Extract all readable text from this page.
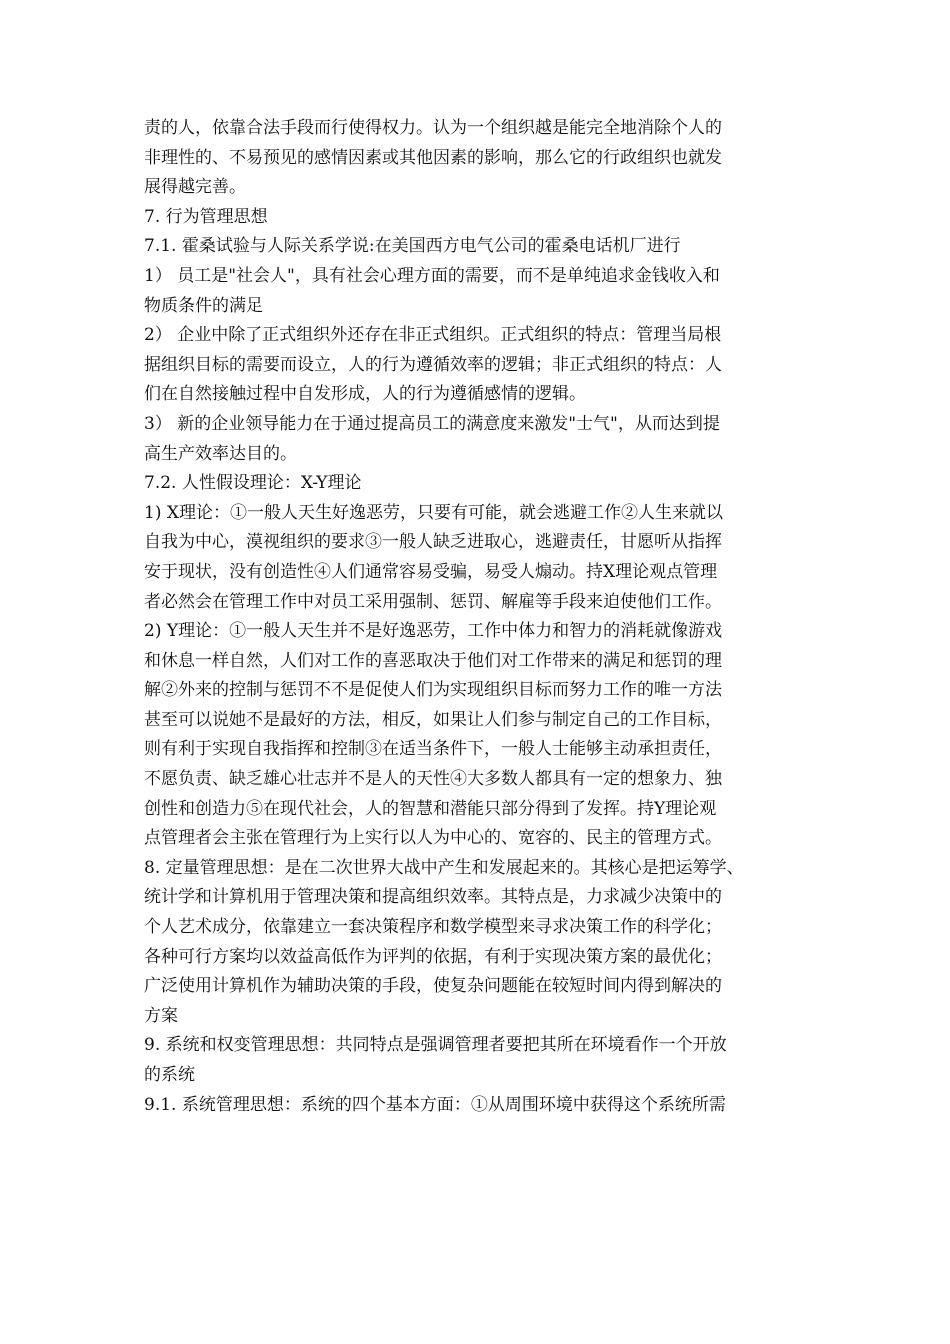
责的人，依靠合法手段而行使得权力。认为一个组织越是能完全地消除个人的
非理性的、不易预见的感情因素或其他因素的影响，那么它的行政组织也就发
展得越完善。
7. 行为管理思想
7.1. 霍桑试验与人际关系学说:在美国西方电气公司的霍桑电话机厂进行
1） 员工是"社会人"，具有社会心理方面的需要，而不是单纯追求金钱收入和
物质条件的满足
2） 企业中除了正式组织外还存在非正式组织。正式组织的特点：管理当局根
据组织目标的需要而设立，人的行为遵循效率的逻辑；非正式组织的特点：人
们在自然接触过程中自发形成，人的行为遵循感情的逻辑。
3） 新的企业领导能力在于通过提高员工的满意度来激发"士气"，从而达到提
高生产效率达目的。
7.2. 人性假设理论：X-Y理论
1) X理论：①一般人天生好逸恶劳，只要有可能，就会逃避工作②人生来就以
自我为中心，漠视组织的要求③一般人缺乏进取心，逃避责任，甘愿听从指挥
安于现状，没有创造性④人们通常容易受骗，易受人煽动。持X理论观点管理
者必然会在管理工作中对员工采用强制、惩罚、解雇等手段来迫使他们工作。
2) Y理论：①一般人天生并不是好逸恶劳，工作中体力和智力的消耗就像游戏
和休息一样自然，人们对工作的喜恶取决于他们对工作带来的满足和惩罚的理
解②外来的控制与惩罚不不是促使人们为实现组织目标而努力工作的唯一方法
甚至可以说她不是最好的方法，相反，如果让人们参与制定自己的工作目标，
则有利于实现自我指挥和控制③在适当条件下，一般人士能够主动承担责任，
不愿负责、缺乏雄心壮志并不是人的天性④大多数人都具有一定的想象力、独
创性和创造力⑤在现代社会，人的智慧和潜能只部分得到了发挥。持Y理论观
点管理者会主张在管理行为上实行以人为中心的、宽容的、民主的管理方式。
8. 定量管理思想：是在二次世界大战中产生和发展起来的。其核心是把运筹学、
统计学和计算机用于管理决策和提高组织效率。其特点是，力求减少决策中的
个人艺术成分，依靠建立一套决策程序和数学模型来寻求决策工作的科学化；
各种可行方案均以效益高低作为评判的依据，有利于实现决策方案的最优化；
广泛使用计算机作为辅助决策的手段，使复杂问题能在较短时间内得到解决的
方案
9. 系统和权变管理思想：共同特点是强调管理者要把其所在环境看作一个开放
的系统
9.1. 系统管理思想：系统的四个基本方面：①从周围环境中获得这个系统所需
